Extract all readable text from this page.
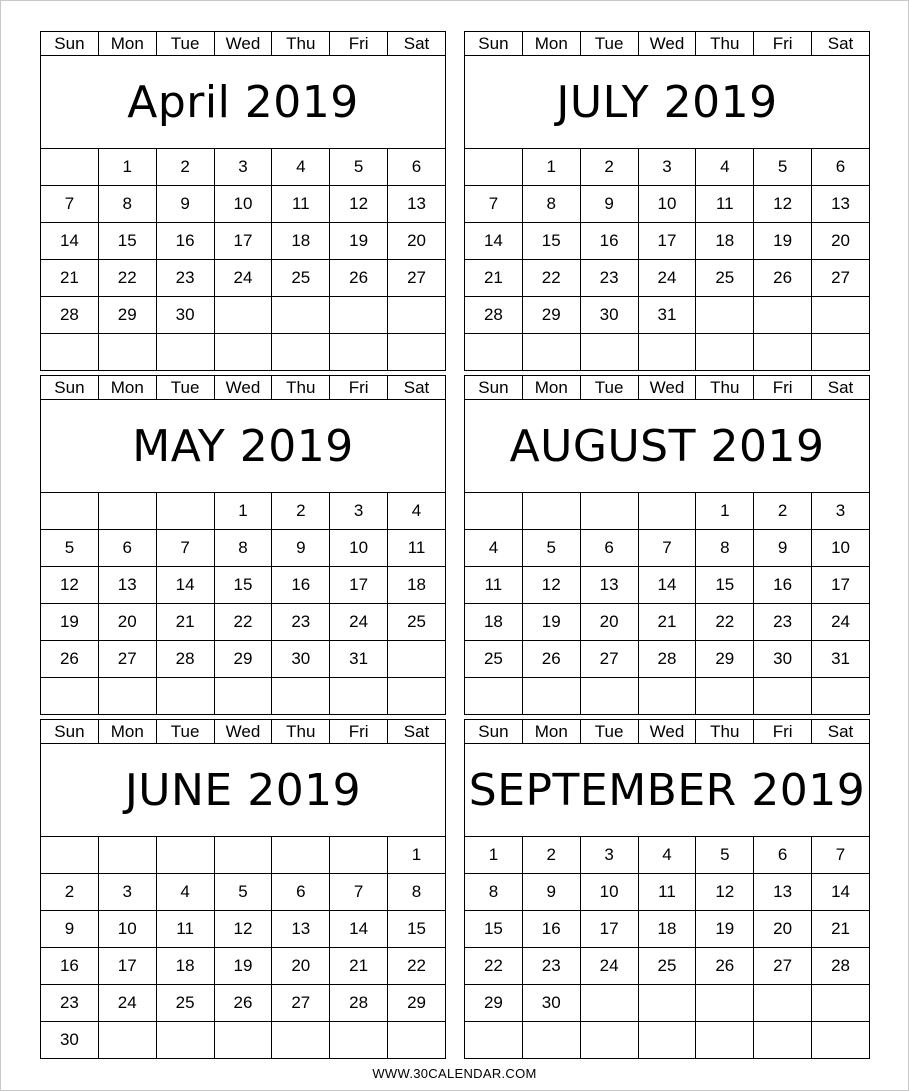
Sun	Mon	Tue	Wed	Thu	Fri	Sat
April 2019						
	1	2	3	4	5	6
7	8	9	10	11	12	13
14	15	16	17	18	19	20
21	22	23	24	25	26	27
28	29	30				

Sun	Mon	Tue	Wed	Thu	Fri	Sat
JULY 2019						
	1	2	3	4	5	6
7	8	9	10	11	12	13
14	15	16	17	18	19	20
21	22	23	24	25	26	27
28	29	30	31			

Sun	Mon	Tue	Wed	Thu	Fri	Sat
MAY 2019						
			1	2	3	4
5	6	7	8	9	10	11
12	13	14	15	16	17	18
19	20	21	22	23	24	25
26	27	28	29	30	31	

Sun	Mon	Tue	Wed	Thu	Fri	Sat
AUGUST 2019						
				1	2	3
4	5	6	7	8	9	10
11	12	13	14	15	16	17
18	19	20	21	22	23	24
25	26	27	28	29	30	31

Sun	Mon	Tue	Wed	Thu	Fri	Sat
JUNE 2019						
						1
2	3	4	5	6	7	8
9	10	11	12	13	14	15
16	17	18	19	20	21	22
23	24	25	26	27	28	29
30						
Sun	Mon	Tue	Wed	Thu	Fri	Sat
SEPTEMBER 2019						
1	2	3	4	5	6	7
8	9	10	11	12	13	14
15	16	17	18	19	20	21
22	23	24	25	26	27	28
29	30					

WWW.30CALENDAR.COM
